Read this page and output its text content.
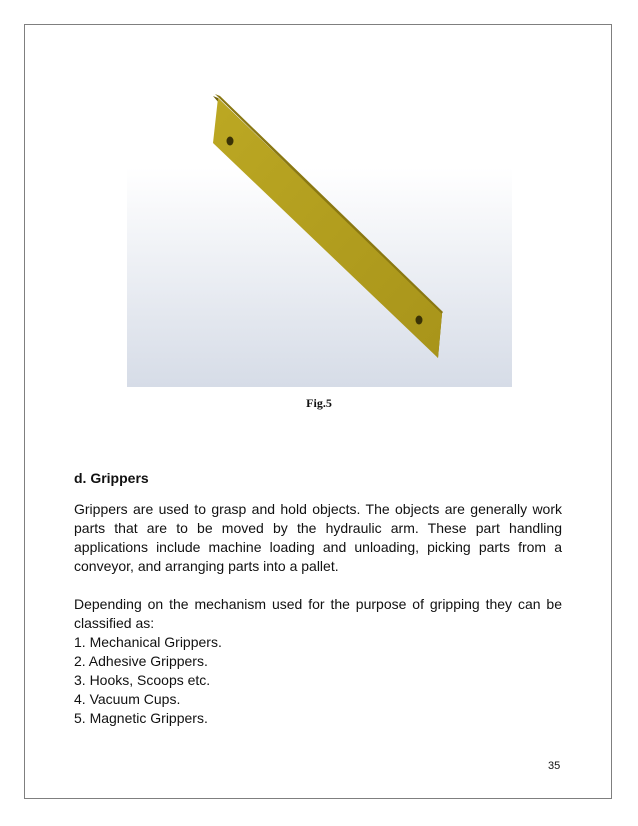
Fig.5
d. Grippers

Grippers are used to grasp and hold objects. The objects are generally work parts that are to be moved by the hydraulic arm. These part handling applications include machine loading and unloading, picking parts from a conveyor, and arranging parts into a pallet.

Depending on the mechanism used for the purpose of gripping they can be classified as:

1. Mechanical Grippers.
2. Adhesive Grippers.
3. Hooks, Scoops etc.
4. Vacuum Cups.
5. Magnetic Grippers.
35
